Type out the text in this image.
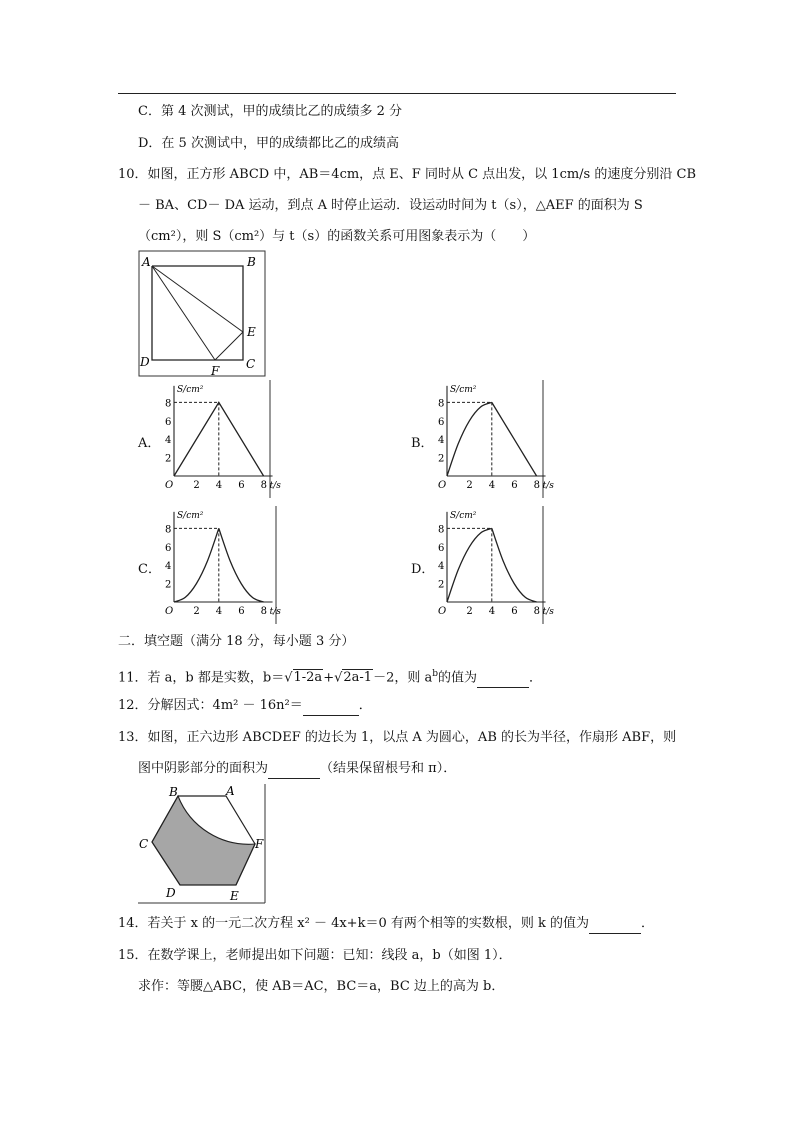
C．第 4 次测试，甲的成绩比乙的成绩多 2 分
D．在 5 次测试中，甲的成绩都比乙的成绩高
10．如图，正方形 ABCD 中，AB＝4cm，点 E、F 同时从 C 点出发，以 1cm/s 的速度分别沿 CB
－ BA、CD－ DA 运动，到点 A 时停止运动．设运动时间为 t（s），△AEF 的面积为 S
（cm²），则 S（cm²）与 t（s）的函数关系可用图象表示为（　　）
A	B
C
D
E
F
A．	B．
C．	D．
2
4
6
8
2 4 6 8
O	t/s
S/cm²
2
4
6
8
2 4 6 8
O	t/s
S/cm²
2
4
6
8
2 4 6 8
O	t/s
S/cm²
2
4
6
8
2 4 6 8
O	t/s
S/cm²
二．填空题（满分 18 分，每小题 3 分）
11．若 a，b 都是实数，b＝√1-2a+√2a-1－2，则 $a^b$的值为	．
12．分解因式：4m² － 16n²＝	．
13．如图，正六边形 ABCDEF 的边长为 1，以点 A 为圆心，AB 的长为半径，作扇形 ABF，则
图中阴影部分的面积为	（结果保留根号和 π）．
B	A
C	F
D	E
14．若关于 x 的一元二次方程 x² － 4x+k＝0 有两个相等的实数根，则 k 的值为	．
15．在数学课上，老师提出如下问题：已知：线段 a，b（如图 1）．
求作：等腰△ABC，使 AB＝AC，BC＝a，BC 边上的高为 b．
